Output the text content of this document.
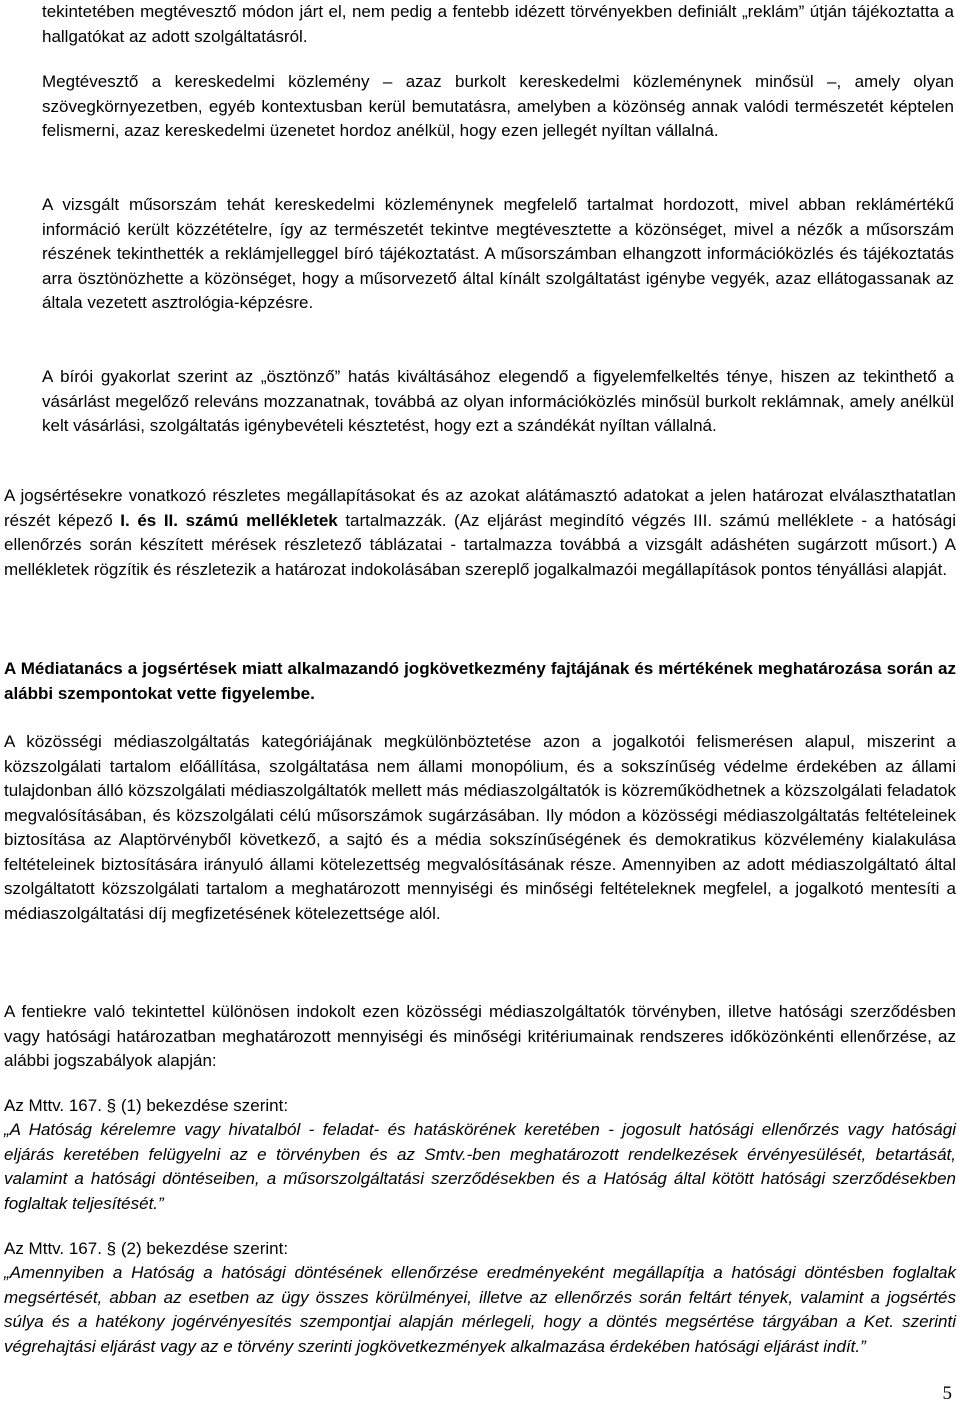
tekintetében megtévesztő módon járt el, nem pedig a fentebb idézett törvényekben definiált „reklám” útján tájékoztatta a hallgatókat az adott szolgáltatásról.

Megtévesztő a kereskedelmi közlemény – azaz burkolt kereskedelmi közleménynek minősül –, amely olyan szövegkörnyezetben, egyéb kontextusban kerül bemutatásra, amelyben a közönség annak valódi természetét képtelen felismerni, azaz kereskedelmi üzenetet hordoz anélkül, hogy ezen jellegét nyíltan vállalná.

A vizsgált műsorszám tehát kereskedelmi közleménynek megfelelő tartalmat hordozott, mivel abban reklámértékű információ került közzétételre, így az természetét tekintve megtévesztette a közönséget, mivel a nézők a műsorszám részének tekinthették a reklámjelleggel bíró tájékoztatást. A műsorszámban elhangzott információközlés és tájékoztatás arra ösztönözhette a közönséget, hogy a műsorvezető által kínált szolgáltatást igénybe vegyék, azaz ellátogassanak az általa vezetett asztrológia-képzésre.

A bírói gyakorlat szerint az „ösztönző” hatás kiváltásához elegendő a figyelemfelkeltés ténye, hiszen az tekinthető a vásárlást megelőző releváns mozzanatnak, továbbá az olyan információközlés minősül burkolt reklámnak, amely anélkül kelt vásárlási, szolgáltatás igénybevételi késztetést, hogy ezt a szándékát nyíltan vállalná.

A jogsértésekre vonatkozó részletes megállapításokat és az azokat alátámasztó adatokat a jelen határozat elválaszthatatlan részét képező I. és II. számú mellékletek tartalmazzák. (Az eljárást megindító végzés III. számú melléklete - a hatósági ellenőrzés során készített mérések részletező táblázatai - tartalmazza továbbá a vizsgált adáshéten sugárzott műsort.) A mellékletek rögzítik és részletezik a határozat indokolásában szereplő jogalkalmazói megállapítások pontos tényállási alapját.

A Médiatanács a jogsértések miatt alkalmazandó jogkövetkezmény fajtájának és mértékének meghatározása során az alábbi szempontokat vette figyelembe.

A közösségi médiaszolgáltatás kategóriájának megkülönböztetése azon a jogalkotói felismerésen alapul, miszerint a közszolgálati tartalom előállítása, szolgáltatása nem állami monopólium, és a sokszínűség védelme érdekében az állami tulajdonban álló közszolgálati médiaszolgáltatók mellett más médiaszolgáltatók is közreműködhetnek a közszolgálati feladatok megvalósításában, és közszolgálati célú műsorszámok sugárzásában. Ily módon a közösségi médiaszolgáltatás feltételeinek biztosítása az Alaptörvényből következő, a sajtó és a média sokszínűségének és demokratikus közvélemény kialakulása feltételeinek biztosítására irányuló állami kötelezettség megvalósításának része. Amennyiben az adott médiaszolgáltató által szolgáltatott közszolgálati tartalom a meghatározott mennyiségi és minőségi feltételeknek megfelel, a jogalkotó mentesíti a médiaszolgáltatási díj megfizetésének kötelezettsége alól.

A fentiekre való tekintettel különösen indokolt ezen közösségi médiaszolgáltatók törvényben, illetve hatósági szerződésben vagy hatósági határozatban meghatározott mennyiségi és minőségi kritériumainak rendszeres időközönkénti ellenőrzése, az alábbi jogszabályok alapján:

Az Mttv. 167. § (1) bekezdése szerint:

„A Hatóság kérelemre vagy hivatalból - feladat- és hatáskörének keretében - jogosult hatósági ellenőrzés vagy hatósági eljárás keretében felügyelni az e törvényben és az Smtv.-ben meghatározott rendelkezések érvényesülését, betartását, valamint a hatósági döntéseiben, a műsorszolgáltatási szerződésekben és a Hatóság által kötött hatósági szerződésekben foglaltak teljesítését.”

Az Mttv. 167. § (2) bekezdése szerint:

„Amennyiben a Hatóság a hatósági döntésének ellenőrzése eredményeként megállapítja a hatósági döntésben foglaltak megsértését, abban az esetben az ügy összes körülményei, illetve az ellenőrzés során feltárt tények, valamint a jogsértés súlya és a hatékony jogérvényesítés szempontjai alapján mérlegeli, hogy a döntés megsértése tárgyában a Ket. szerinti végrehajtási eljárást vagy az e törvény szerinti jogkövetkezmények alkalmazása érdekében hatósági eljárást indít.”

5
